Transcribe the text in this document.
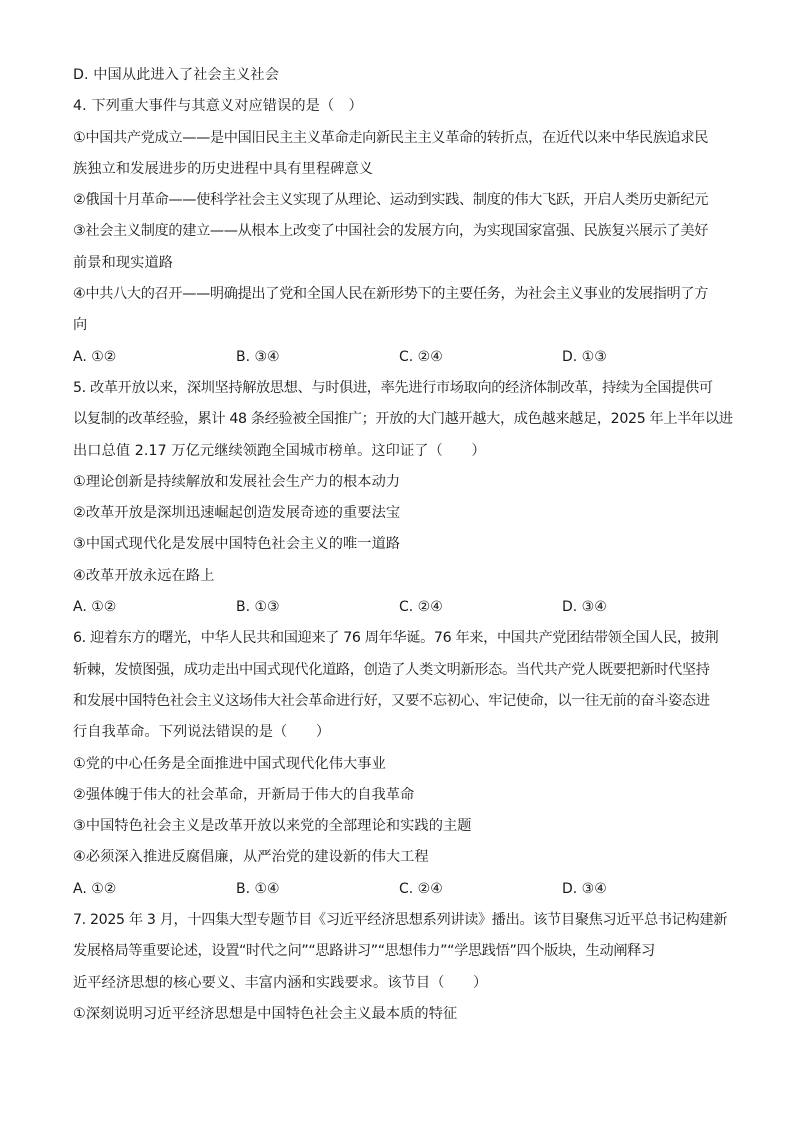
D. 中国从此进入了社会主义社会
4. 下列重大事件与其意义对应错误的是（　）
①中国共产党成立——是中国旧民主主义革命走向新民主主义革命的转折点，在近代以来中华民族追求民
族独立和发展进步的历史进程中具有里程碑意义
②俄国十月革命——使科学社会主义实现了从理论、运动到实践、制度的伟大飞跃，开启人类历史新纪元
③社会主义制度的建立——从根本上改变了中国社会的发展方向，为实现国家富强、民族复兴展示了美好
前景和现实道路
④中共八大的召开——明确提出了党和全国人民在新形势下的主要任务，为社会主义事业的发展指明了方
向
A. ①②	B. ③④	C. ②④	D. ①③
5. 改革开放以来，深圳坚持解放思想、与时俱进，率先进行市场取向的经济体制改革，持续为全国提供可
以复制的改革经验，累计 48 条经验被全国推广；开放的大门越开越大，成色越来越足，2025 年上半年以进
出口总值 2.17 万亿元继续领跑全国城市榜单。这印证了（　　）
①理论创新是持续解放和发展社会生产力的根本动力
②改革开放是深圳迅速崛起创造发展奇迹的重要法宝
③中国式现代化是发展中国特色社会主义的唯一道路
④改革开放永远在路上
A. ①②	B. ①③	C. ②④	D. ③④
6. 迎着东方的曙光，中华人民共和国迎来了 76 周年华诞。76 年来，中国共产党团结带领全国人民，披荆
斩棘，发愤图强，成功走出中国式现代化道路，创造了人类文明新形态。当代共产党人既要把新时代坚持
和发展中国特色社会主义这场伟大社会革命进行好，又要不忘初心、牢记使命，以一往无前的奋斗姿态进
行自我革命。下列说法错误的是（　　）
①党的中心任务是全面推进中国式现代化伟大事业
②强体魄于伟大的社会革命，开新局于伟大的自我革命
③中国特色社会主义是改革开放以来党的全部理论和实践的主题
④必须深入推进反腐倡廉，从严治党的建设新的伟大工程
A. ①②	B. ①④	C. ②④	D. ③④
7. 2025 年 3 月，十四集大型专题节目《习近平经济思想系列讲读》播出。该节目聚焦习近平总书记构建新
发展格局等重要论述，设置“时代之问”“思路讲习”“思想伟力”“学思践悟”四个版块，生动阐释习
近平经济思想的核心要义、丰富内涵和实践要求。该节目（　　）
①深刻说明习近平经济思想是中国特色社会主义最本质的特征
